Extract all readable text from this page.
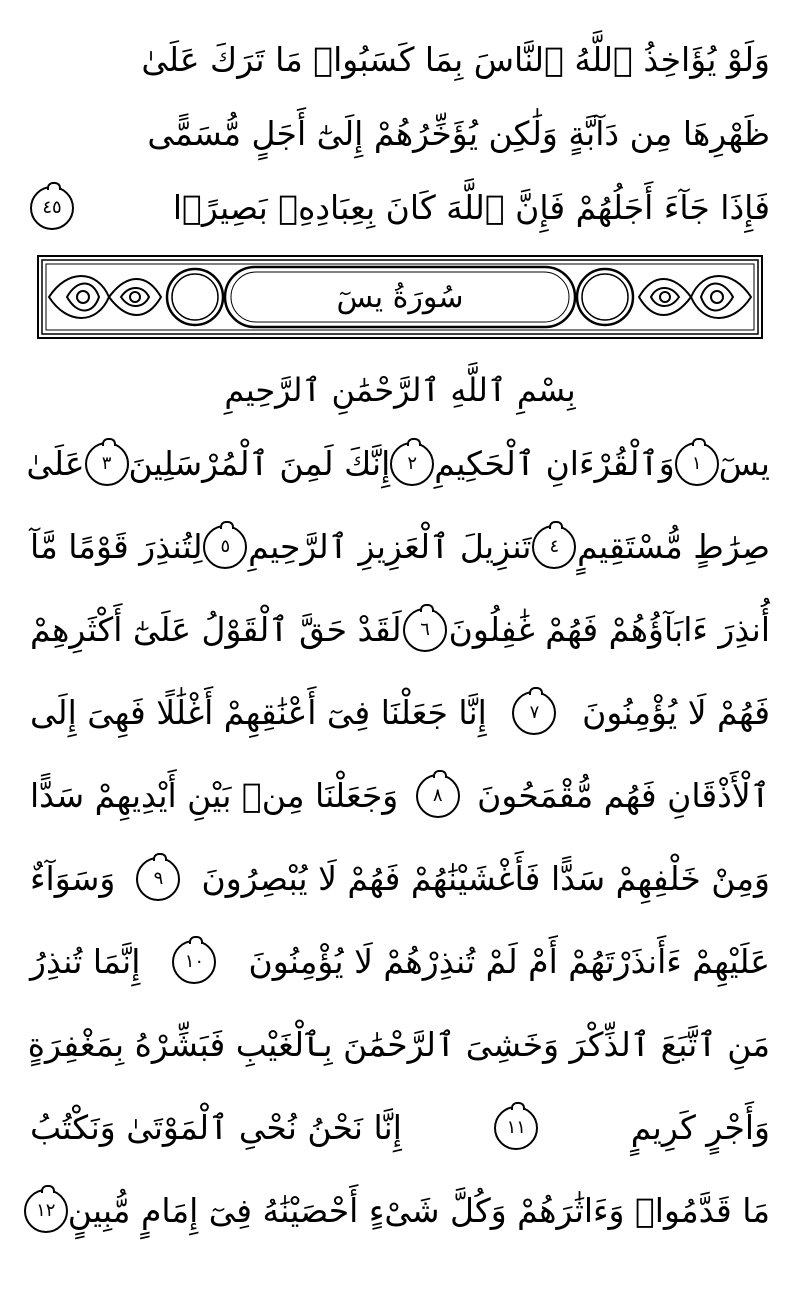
وَلَوْ يُؤَاخِذُ ٱللَّهُ ٱلنَّاسَ بِمَا كَسَبُوا۟ مَا تَرَكَ عَلَىٰ
ظَهْرِهَا مِن دَآبَّةٍ وَلَٰكِن يُؤَخِّرُهُمْ إِلَىٰٓ أَجَلٍ مُّسَمًّى
فَإِذَا جَآءَ أَجَلُهُمْ فَإِنَّ ٱللَّهَ كَانَ بِعِبَادِهِۦ بَصِيرًۢا
٤٥
سُورَةُ يسٓ
بِسْمِ ٱللَّهِ ٱلرَّحْمَٰنِ ٱلرَّحِيمِ
يسٓ
١
وَٱلْقُرْءَانِ ٱلْحَكِيمِ
٢
إِنَّكَ لَمِنَ ٱلْمُرْسَلِينَ
٣
عَلَىٰ
صِرَٰطٍ مُّسْتَقِيمٍ
٤
تَنزِيلَ ٱلْعَزِيزِ ٱلرَّحِيمِ
٥
لِتُنذِرَ قَوْمًا مَّآ
أُنذِرَ ءَابَآؤُهُمْ فَهُمْ غَٰفِلُونَ
٦
لَقَدْ حَقَّ ٱلْقَوْلُ عَلَىٰٓ أَكْثَرِهِمْ
فَهُمْ لَا يُؤْمِنُونَ
٧
إِنَّا جَعَلْنَا فِىٓ أَعْنَٰقِهِمْ أَغْلَٰلًا فَهِىَ إِلَى
ٱلْأَذْقَانِ فَهُم مُّقْمَحُونَ
٨
وَجَعَلْنَا مِنۢ بَيْنِ أَيْدِيهِمْ سَدًّا
وَمِنْ خَلْفِهِمْ سَدًّا فَأَغْشَيْنَٰهُمْ فَهُمْ لَا يُبْصِرُونَ
٩
وَسَوَآءٌ
عَلَيْهِمْ ءَأَنذَرْتَهُمْ أَمْ لَمْ تُنذِرْهُمْ لَا يُؤْمِنُونَ
١٠
إِنَّمَا تُنذِرُ
مَنِ ٱتَّبَعَ ٱلذِّكْرَ وَخَشِىَ ٱلرَّحْمَٰنَ بِٱلْغَيْبِ فَبَشِّرْهُ بِمَغْفِرَةٍ
وَأَجْرٍ كَرِيمٍ
١١
إِنَّا نَحْنُ نُحْىِ ٱلْمَوْتَىٰ وَنَكْتُبُ
مَا قَدَّمُوا۟ وَءَاثَٰرَهُمْ وَكُلَّ شَىْءٍ أَحْصَيْنَٰهُ فِىٓ إِمَامٍ مُّبِينٍ
١٢
